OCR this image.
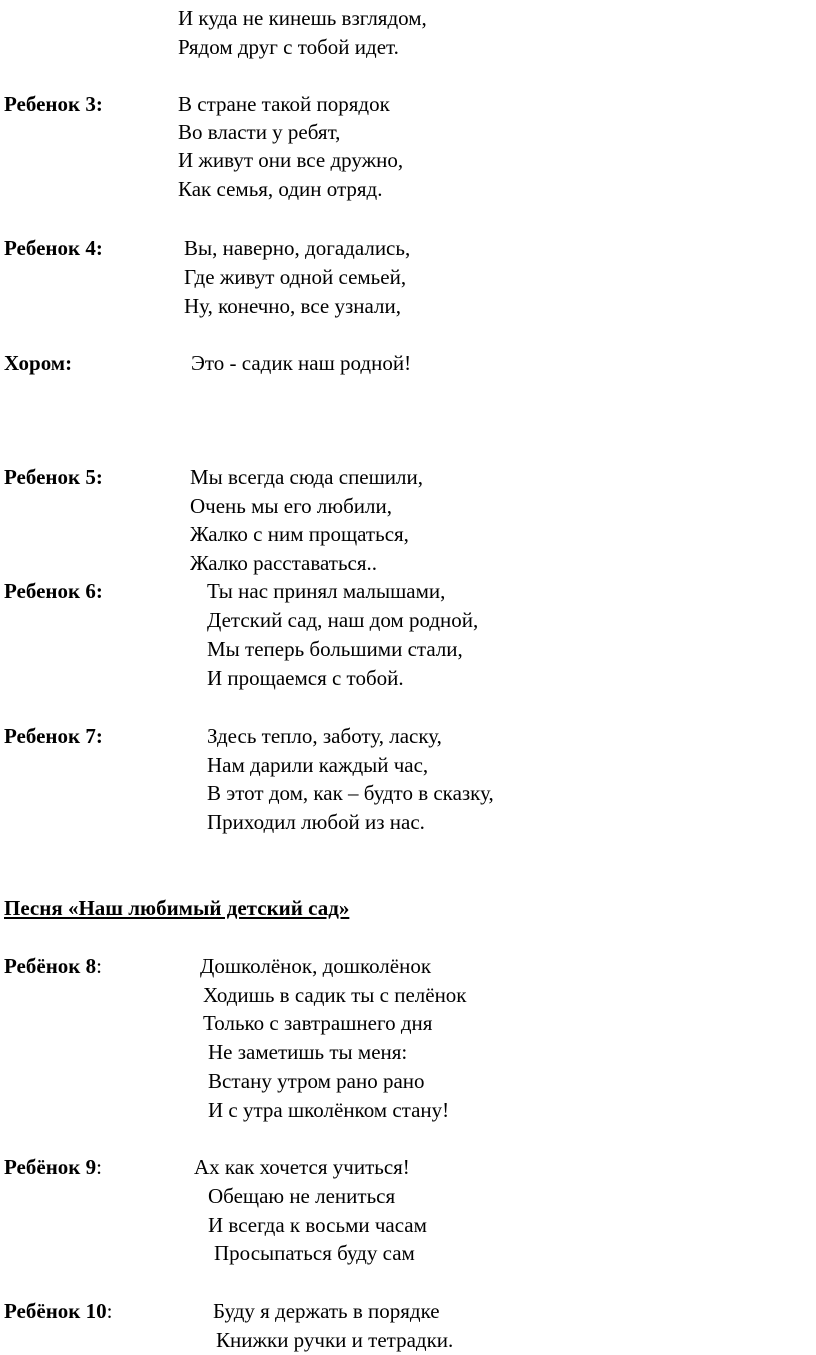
И куда не кинешь взглядом,
Рядом друг с тобой идет.
Ребенок 3:	В стране такой порядок
Во власти у ребят,
И живут они все дружно,
Как семья, один отряд.
Ребенок 4:	Вы, наверно, догадались,
Где живут одной семьей,
Ну, конечно, все узнали,
Хором:	Это - садик наш родной!
Ребенок 5:	Мы всегда сюда спешили,
Очень мы его любили,
Жалко с ним прощаться,
Жалко расставаться..
Ребенок 6:	Ты нас принял малышами,
Детский сад, наш дом родной,
Мы теперь большими стали,
И прощаемся с тобой.
Ребенок 7:	Здесь тепло, заботу, ласку,
Нам дарили каждый час,
В этот дом, как – будто в сказку,
Приходил любой из нас.
Песня «Наш любимый детский сад»
Ребёнок 8:	Дошколёнок, дошколёнок
Ходишь в садик ты с пелёнок
Только с завтрашнего дня
Не заметишь ты меня:
Встану утром рано рано
И с утра школёнком стану!
Ребёнок 9:	Ах как хочется учиться!
Обещаю не лениться
И всегда к восьми часам
Просыпаться буду сам
Ребёнок 10:	Буду я держать в порядке
Книжки ручки и тетрадки.
